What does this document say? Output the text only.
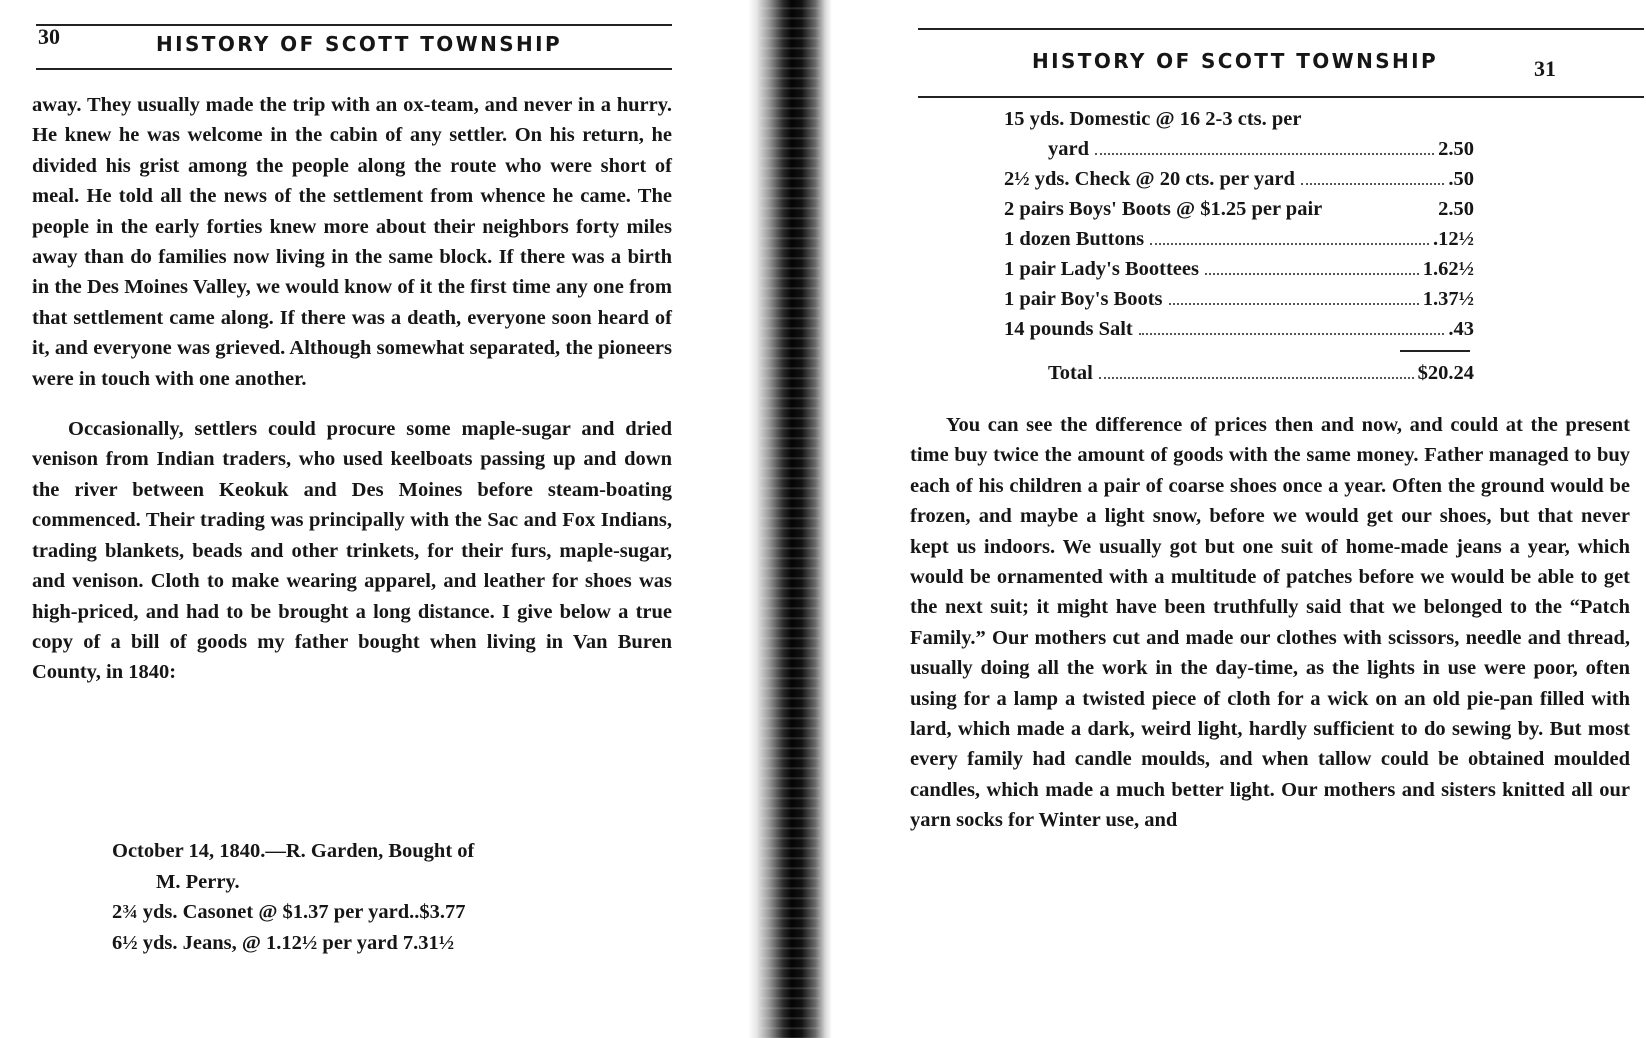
30	HISTORY OF SCOTT TOWNSHIP

away. They usually made the trip with an ox-team, and never in a hurry. He knew he was welcome in the cabin of any settler. On his return, he divided his grist among the people along the route who were short of meal. He told all the news of the settlement from whence he came. The people in the early forties knew more about their neighbors forty miles away than do families now living in the same block. If there was a birth in the Des Moines Valley, we would know of it the first time any one from that settlement came along. If there was a death, everyone soon heard of it, and everyone was grieved. Although somewhat separated, the pioneers were in touch with one another.

Occasionally, settlers could procure some maple-sugar and dried venison from Indian traders, who used keelboats passing up and down the river between Keokuk and Des Moines before steam-boating commenced. Their trading was principally with the Sac and Fox Indians, trading blankets, beads and other trinkets, for their furs, maple-sugar, and venison. Cloth to make wearing apparel, and leather for shoes was high-priced, and had to be brought a long distance. I give below a true copy of a bill of goods my father bought when living in Van Buren County, in 1840:

October 14, 1840.—R. Garden, Bought of
M. Perry.
2¾ yds. Casonet @ $1.37 per yard..$3.77
6½ yds. Jeans, @ 1.12½ per yard 7.31½
HISTORY OF SCOTT TOWNSHIP	31
15 yds. Domestic @ 16 2-3 cts. per
yard	2.50
2½ yds. Check @ 20 cts. per yard	.50
2 pairs Boys' Boots @ $1.25 per pair	2.50
1 dozen Buttons	.12½
1 pair Lady's Boottees	1.62½
1 pair Boy's Boots	1.37½
14 pounds Salt	.43
Total	$20.24

You can see the difference of prices then and now, and could at the present time buy twice the amount of goods with the same money. Father managed to buy each of his children a pair of coarse shoes once a year. Often the ground would be frozen, and maybe a light snow, before we would get our shoes, but that never kept us indoors. We usually got but one suit of home-made jeans a year, which would be ornamented with a multitude of patches before we would be able to get the next suit; it might have been truthfully said that we belonged to the “Patch Family.” Our mothers cut and made our clothes with scissors, needle and thread, usually doing all the work in the day-time, as the lights in use were poor, often using for a lamp a twisted piece of cloth for a wick on an old pie-pan filled with lard, which made a dark, weird light, hardly sufficient to do sewing by. But most every family had candle moulds, and when tallow could be obtained moulded candles, which made a much better light. Our mothers and sisters knitted all our yarn socks for Winter use, and
